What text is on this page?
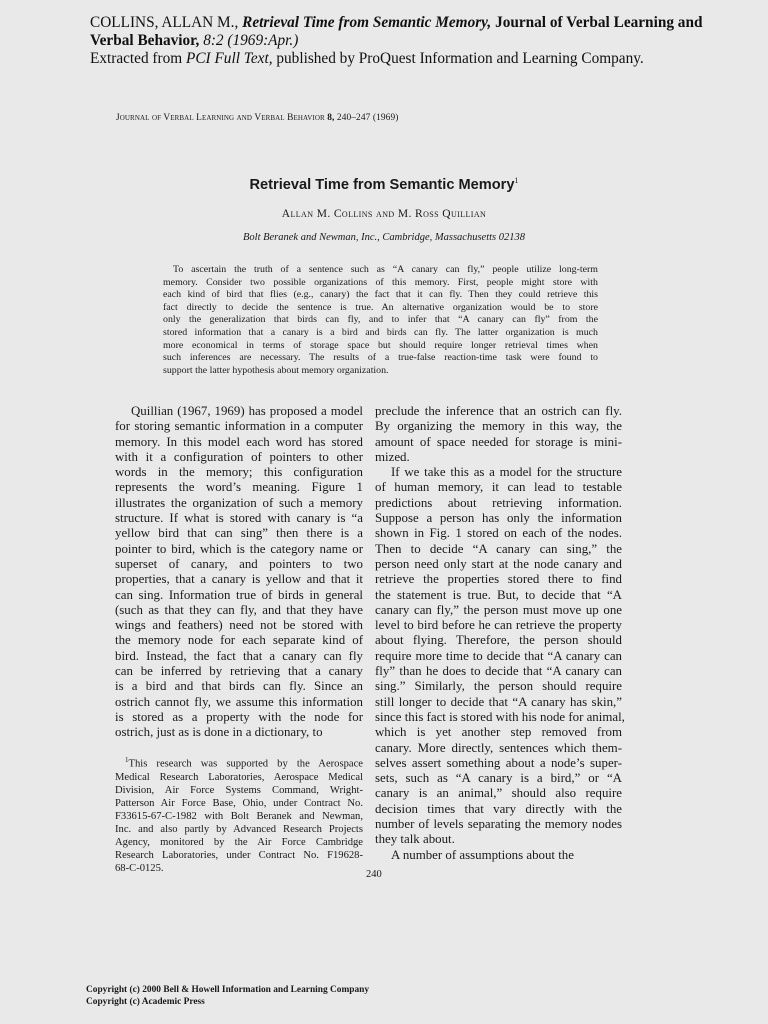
COLLINS, ALLAN M., Retrieval Time from Semantic Memory, Journal of Verbal Learning and
Verbal Behavior, 8:2 (1969:Apr.)
Extracted from PCI Full Text, published by ProQuest Information and Learning Company.
Journal of Verbal Learning and Verbal Behavior 8, 240–247 (1969)
Retrieval Time from Semantic Memory$^1$
Allan M. Collins and M. Ross Quillian
Bolt Beranek and Newman, Inc., Cambridge, Massachusetts 02138
To ascertain the truth of a sentence such as “A canary can fly,” people utilize long-term
memory. Consider two possible organizations of this memory. First, people might store with
each kind of bird that flies (e.g., canary) the fact that it can fly. Then they could retrieve this
fact directly to decide the sentence is true. An alternative organization would be to store
only the generalization that birds can fly, and to infer that “A canary can fly” from the
stored information that a canary is a bird and birds can fly. The latter organization is much
more economical in terms of storage space but should require longer retrieval times when
such inferences are necessary. The results of a true-false reaction-time task were found to
support the latter hypothesis about memory organization.
Quillian (1967, 1969) has proposed a model
for storing semantic information in a computer
memory. In this model each word has stored
with it a configuration of pointers to other
words in the memory; this configuration
represents the word’s meaning. Figure 1
illustrates the organization of such a memory
structure. If what is stored with canary is “a
yellow bird that can sing” then there is a
pointer to bird, which is the category name or
superset of canary, and pointers to two
properties, that a canary is yellow and that it
can sing. Information true of birds in general
(such as that they can fly, and that they have
wings and feathers) need not be stored with
the memory node for each separate kind of
bird. Instead, the fact that a canary can fly
can be inferred by retrieving that a canary
is a bird and that birds can fly. Since an
ostrich cannot fly, we assume this information
is stored as a property with the node for
ostrich, just as is done in a dictionary, to
preclude the inference that an ostrich can fly.
By organizing the memory in this way, the
amount of space needed for storage is mini-
mized.
If we take this as a model for the structure
of human memory, it can lead to testable
predictions about retrieving information.
Suppose a person has only the information
shown in Fig. 1 stored on each of the nodes.
Then to decide “A canary can sing,” the
person need only start at the node canary and
retrieve the properties stored there to find
the statement is true. But, to decide that “A
canary can fly,” the person must move up one
level to bird before he can retrieve the property
about flying. Therefore, the person should
require more time to decide that “A canary can
fly” than he does to decide that “A canary can
sing.” Similarly, the person should require
still longer to decide that “A canary has skin,”
since this fact is stored with his node for animal,
which is yet another step removed from
canary. More directly, sentences which them-
selves assert something about a node’s super-
sets, such as “A canary is a bird,” or “A
canary is an animal,” should also require
decision times that vary directly with the
number of levels separating the memory nodes
they talk about.
A number of assumptions about the
$^1$This research was supported by the Aerospace
Medical Research Laboratories, Aerospace Medical
Division, Air Force Systems Command, Wright-
Patterson Air Force Base, Ohio, under Contract No.
F33615-67-C-1982 with Bolt Beranek and Newman,
Inc. and also partly by Advanced Research Projects
Agency, monitored by the Air Force Cambridge
Research Laboratories, under Contract No. F19628-
68-C-0125.
240
Copyright (c) 2000 Bell & Howell Information and Learning Company
Copyright (c) Academic Press
